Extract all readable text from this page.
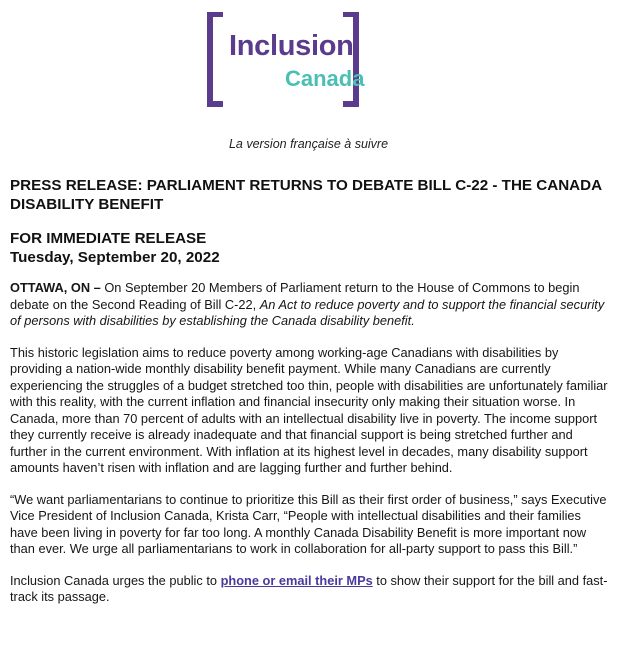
Inclusion
Canada
La version française à suivre
PRESS RELEASE: PARLIAMENT RETURNS TO DEBATE BILL C-22 - THE CANADA DISABILITY BENEFIT
FOR IMMEDIATE RELEASE
Tuesday, September 20, 2022

OTTAWA, ON – On September 20 Members of Parliament return to the House of Commons to begin debate on the Second Reading of Bill C-22, An Act to reduce poverty and to support the financial security of persons with disabilities by establishing the Canada disability benefit.

This historic legislation aims to reduce poverty among working-age Canadians with disabilities by providing a nation-wide monthly disability benefit payment. While many Canadians are currently experiencing the struggles of a budget stretched too thin, people with disabilities are unfortunately familiar with this reality, with the current inflation and financial insecurity only making their situation worse. In Canada, more than 70 percent of adults with an intellectual disability live in poverty. The income support they currently receive is already inadequate and that financial support is being stretched further and further in the current environment. With inflation at its highest level in decades, many disability support amounts haven’t risen with inflation and are lagging further and further behind.

“We want parliamentarians to continue to prioritize this Bill as their first order of business,” says Executive Vice President of Inclusion Canada, Krista Carr, “People with intellectual disabilities and their families have been living in poverty for far too long. A monthly Canada Disability Benefit is more important now than ever. We urge all parliamentarians to work in collaboration for all-party support to pass this Bill.”

Inclusion Canada urges the public to phone or email their MPs to show their support for the bill and fast-track its passage.
